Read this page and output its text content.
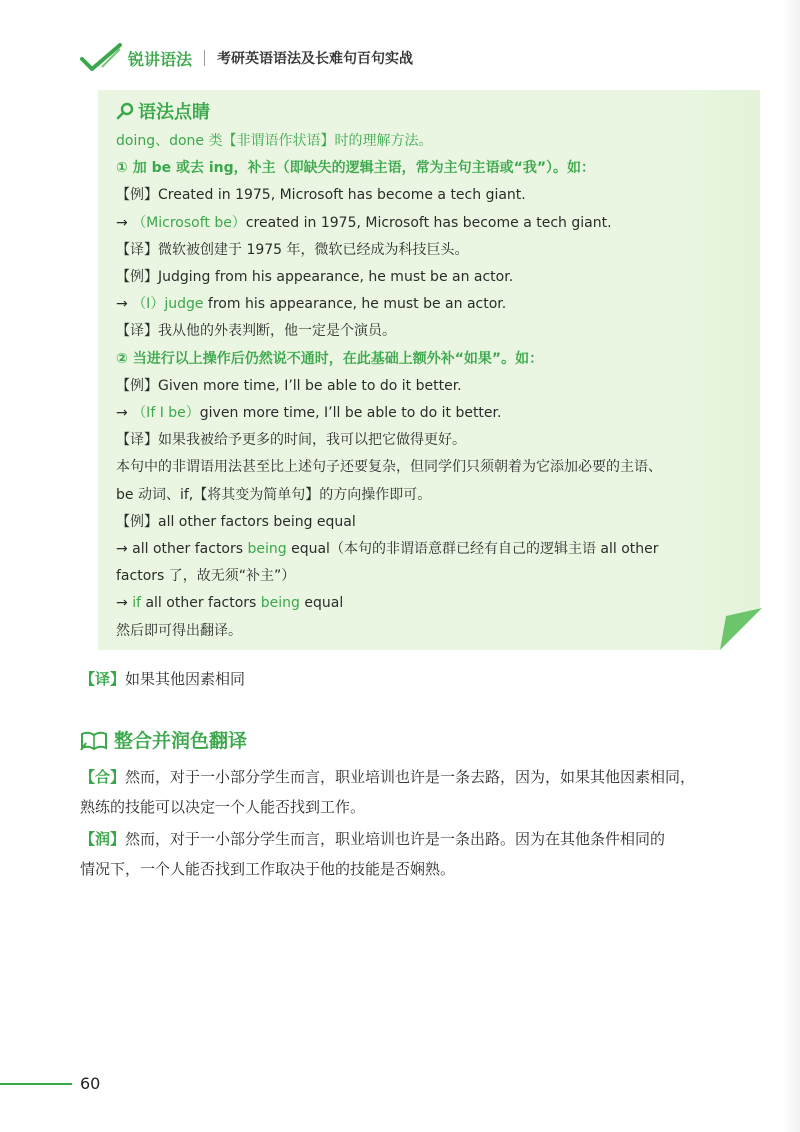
锐讲语法 考研英语语法及长难句百句实战
语法点睛
doing、done 类【非谓语作状语】时的理解方法。
① 加 be 或去 ing，补主（即缺失的逻辑主语，常为主句主语或“我”）。如：
【例】Created in 1975, Microsoft has become a tech giant.
→ （Microsoft be）created in 1975, Microsoft has become a tech giant.
【译】微软被创建于 1975 年，微软已经成为科技巨头。
【例】Judging from his appearance, he must be an actor.
→ （I）judge from his appearance, he must be an actor.
【译】我从他的外表判断，他一定是个演员。
② 当进行以上操作后仍然说不通时，在此基础上额外补“如果”。如：
【例】Given more time, I’ll be able to do it better.
→ （If I be）given more time, I’ll be able to do it better.
【译】如果我被给予更多的时间，我可以把它做得更好。
本句中的非谓语用法甚至比上述句子还要复杂，但同学们只须朝着为它添加必要的主语、
be 动词、if,【将其变为简单句】的方向操作即可。
【例】all other factors being equal
→ all other factors being equal（本句的非谓语意群已经有自己的逻辑主语 all other
factors 了，故无须“补主”）
→ if all other factors being equal
然后即可得出翻译。
【译】如果其他因素相同
整合并润色翻译
【合】然而，对于一小部分学生而言，职业培训也许是一条去路，因为，如果其他因素相同，
熟练的技能可以决定一个人能否找到工作。
【润】然而，对于一小部分学生而言，职业培训也许是一条出路。因为在其他条件相同的
情况下，一个人能否找到工作取决于他的技能是否娴熟。
60
